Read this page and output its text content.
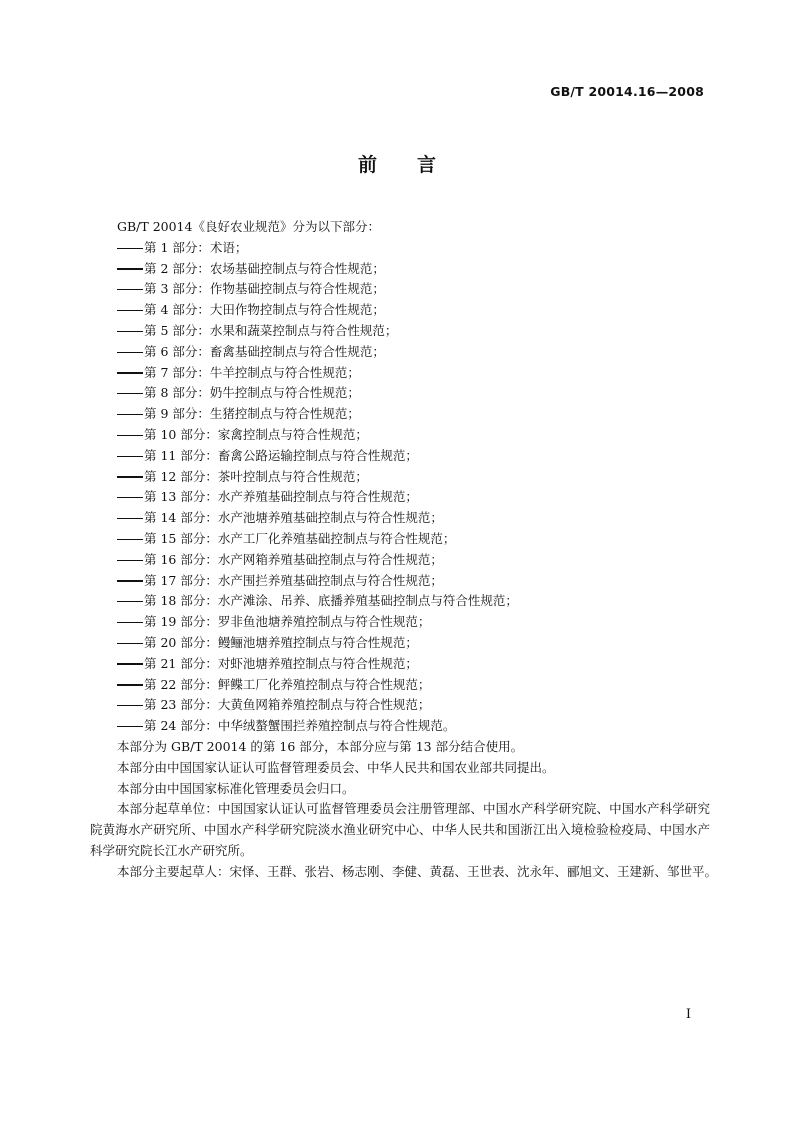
GB/T 20014.16—2008
前言

GB/T 20014《良好农业规范》分为以下部分：

第 1 部分：术语；

第 2 部分：农场基础控制点与符合性规范；

第 3 部分：作物基础控制点与符合性规范；

第 4 部分：大田作物控制点与符合性规范；

第 5 部分：水果和蔬菜控制点与符合性规范；

第 6 部分：畜禽基础控制点与符合性规范；

第 7 部分：牛羊控制点与符合性规范；

第 8 部分：奶牛控制点与符合性规范；

第 9 部分：生猪控制点与符合性规范；

第 10 部分：家禽控制点与符合性规范；

第 11 部分：畜禽公路运输控制点与符合性规范；

第 12 部分：茶叶控制点与符合性规范；

第 13 部分：水产养殖基础控制点与符合性规范；

第 14 部分：水产池塘养殖基础控制点与符合性规范；

第 15 部分：水产工厂化养殖基础控制点与符合性规范；

第 16 部分：水产网箱养殖基础控制点与符合性规范；

第 17 部分：水产围拦养殖基础控制点与符合性规范；

第 18 部分：水产滩涂、吊养、底播养殖基础控制点与符合性规范；

第 19 部分：罗非鱼池塘养殖控制点与符合性规范；

第 20 部分：鳗鲡池塘养殖控制点与符合性规范；

第 21 部分：对虾池塘养殖控制点与符合性规范；

第 22 部分：鲆鲽工厂化养殖控制点与符合性规范；

第 23 部分：大黄鱼网箱养殖控制点与符合性规范；

第 24 部分：中华绒螯蟹围拦养殖控制点与符合性规范。

本部分为 GB/T 20014 的第 16 部分，本部分应与第 13 部分结合使用。

本部分由中国国家认证认可监督管理委员会、中华人民共和国农业部共同提出。

本部分由中国国家标准化管理委员会归口。

本部分起草单位：中国国家认证认可监督管理委员会注册管理部、中国水产科学研究院、中国水产科学研究院黄海水产研究所、中国水产科学研究院淡水渔业研究中心、中华人民共和国浙江出入境检验检疫局、中国水产科学研究院长江水产研究所。

本部分主要起草人：宋怿、王群、张岩、杨志刚、李健、黄磊、王世表、沈永年、郦旭文、王建新、邹世平。

I
